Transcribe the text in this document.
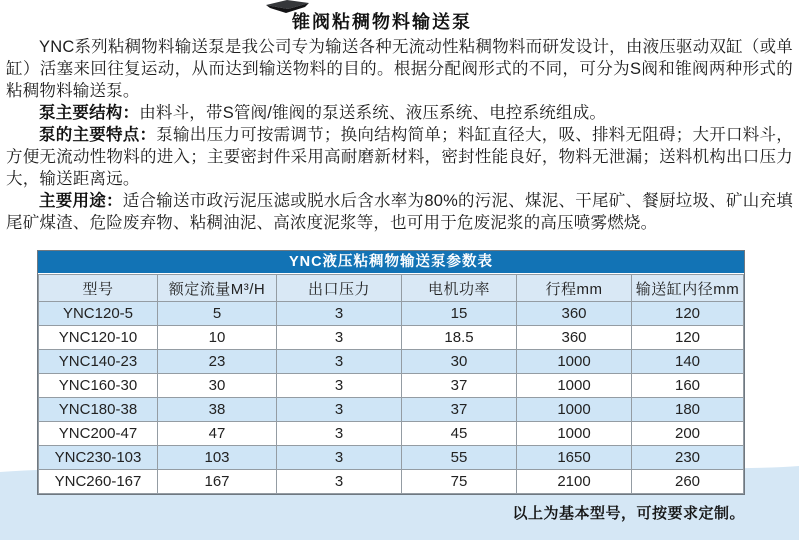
锥阀粘稠物料输送泵

YNC系列粘稠物料输送泵是我公司专为输送各种无流动性粘稠物料而研发设计，由液压驱动双缸（或单缸）活塞来回往复运动，从而达到输送物料的目的。根据分配阀形式的不同，可分为S阀和锥阀两种形式的粘稠物料输送泵。

泵主要结构：由料斗，带S管阀/锥阀的泵送系统、液压系统、电控系统组成。

泵的主要特点：泵输出压力可按需调节；换向结构简单；料缸直径大，吸、排料无阻碍；大开口料斗，方便无流动性物料的进入；主要密封件采用高耐磨新材料，密封性能良好，物料无泄漏；送料机构出口压力大，输送距离远。

主要用途：适合输送市政污泥压滤或脱水后含水率为80%的污泥、煤泥、干尾矿、餐厨垃圾、矿山充填尾矿煤渣、危险废弃物、粘稠油泥、高浓度泥浆等，也可用于危废泥浆的高压喷雾燃烧。

YNC液压粘稠物输送泵参数表
型号	额定流量M³/H	出口压力	电机功率	行程mm	输送缸内径mm
YNC120-5	5	3	15	360	120
YNC120-10	10	3	18.5	360	120
YNC140-23	23	3	30	1000	140
YNC160-30	30	3	37	1000	160
YNC180-38	38	3	37	1000	180
YNC200-47	47	3	45	1000	200
YNC230-103	103	3	55	1650	230
YNC260-167	167	3	75	2100	260
以上为基本型号，可按要求定制。
